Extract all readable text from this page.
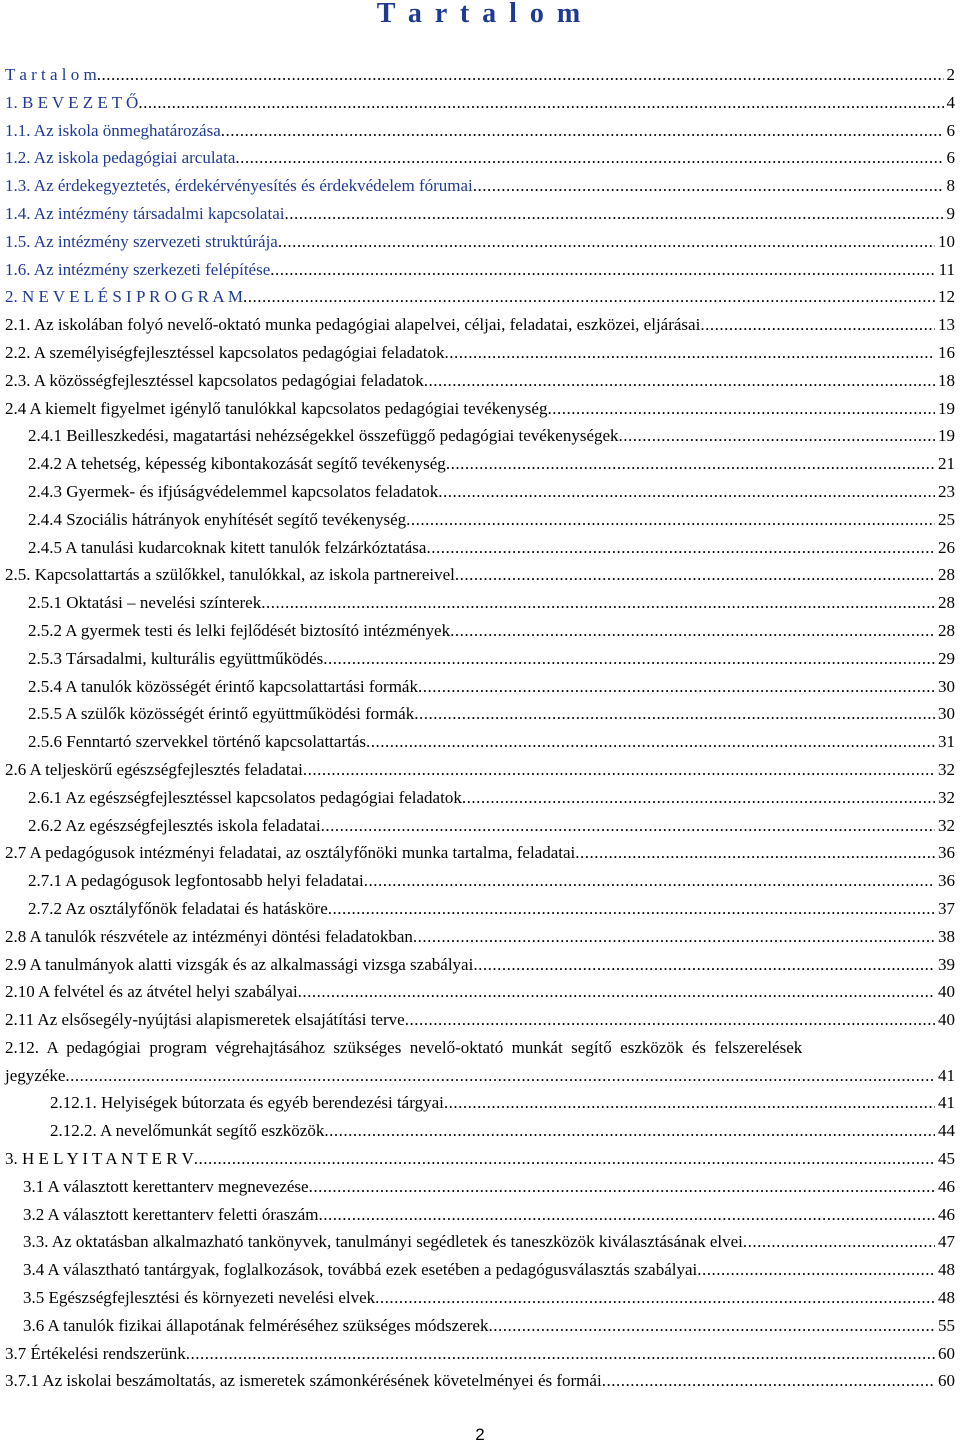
T a r t a l o m
T a r t a l o m .....	2
1. B E V E Z E T Ő .....	4
1.1. Az iskola önmeghatározása .....	6
1.2. Az iskola pedagógiai arculata .....	6
1.3. Az érdekegyeztetés, érdekérvényesítés és érdekvédelem fórumai .....	8
1.4. Az intézmény társadalmi kapcsolatai .....	9
1.5. Az intézmény szervezeti struktúrája .....	10
1.6. Az intézmény szerkezeti felépítése .....	11
2. N E V E L É S I P R O G R A M .....	12
2.1. Az iskolában folyó nevelő-oktató munka pedagógiai alapelvei, céljai, feladatai, eszközei, eljárásai .....	13
2.2. A személyiségfejlesztéssel kapcsolatos pedagógiai feladatok .....	16
2.3. A közösségfejlesztéssel kapcsolatos pedagógiai feladatok .....	18
2.4 A kiemelt figyelmet igénylő tanulókkal kapcsolatos pedagógiai tevékenység .....	19
2.4.1 Beilleszkedési, magatartási nehézségekkel összefüggő pedagógiai tevékenységek .....	19
2.4.2 A tehetség, képesség kibontakozását segítő tevékenység .....	21
2.4.3 Gyermek- és ifjúságvédelemmel kapcsolatos feladatok .....	23
2.4.4 Szociális hátrányok enyhítését segítő tevékenység .....	25
2.4.5 A tanulási kudarcoknak kitett tanulók felzárkóztatása .....	26
2.5. Kapcsolattartás a szülőkkel, tanulókkal, az iskola partnereivel .....	28
2.5.1 Oktatási – nevelési színterek .....	28
2.5.2 A gyermek testi és lelki fejlődését biztosító intézmények .....	28
2.5.3 Társadalmi, kulturális együttműködés .....	29
2.5.4 A tanulók közösségét érintő kapcsolattartási formák .....	30
2.5.5 A szülők közösségét érintő együttműködési formák .....	30
2.5.6 Fenntartó szervekkel történő kapcsolattartás .....	31
2.6 A teljeskörű egészségfejlesztés feladatai .....	32
2.6.1 Az egészségfejlesztéssel kapcsolatos pedagógiai feladatok .....	32
2.6.2 Az egészségfejlesztés iskola feladatai .....	32
2.7 A pedagógusok intézményi feladatai, az osztályfőnöki munka tartalma, feladatai .....	36
2.7.1 A pedagógusok legfontosabb helyi feladatai .....	36
2.7.2 Az osztályfőnök feladatai és hatásköre .....	37
2.8 A tanulók részvétele az intézményi döntési feladatokban .....	38
2.9 A tanulmányok alatti vizsgák és az alkalmassági vizsga szabályai .....	39
2.10 A felvétel és az átvétel helyi szabályai .....	40
2.11 Az elsősegély-nyújtási alapismeretek elsajátítási terve .....	40
2.12. A pedagógiai program végrehajtásához szükséges nevelő-oktató munkát segítő eszközök és felszerelések
jegyzéke .....	41
2.12.1. Helyiségek bútorzata és egyéb berendezési tárgyai .....	41
2.12.2. A nevelőmunkát segítő eszközök .....	44
3. H E L Y I T A N T E R V .....	45
3.1 A választott kerettanterv megnevezése .....	46
3.2 A választott kerettanterv feletti óraszám .....	46
3.3. Az oktatásban alkalmazható tankönyvek, tanulmányi segédletek és taneszközök kiválasztásának elvei .....	47
3.4 A választható tantárgyak, foglalkozások, továbbá ezek esetében a pedagógusválasztás szabályai .....	48
3.5 Egészségfejlesztési és környezeti nevelési elvek .....	48
3.6 A tanulók fizikai állapotának felméréséhez szükséges módszerek .....	55
3.7 Értékelési rendszerünk .....	60
3.7.1 Az iskolai beszámoltatás, az ismeretek számonkérésének követelményei és formái .....	60
2
